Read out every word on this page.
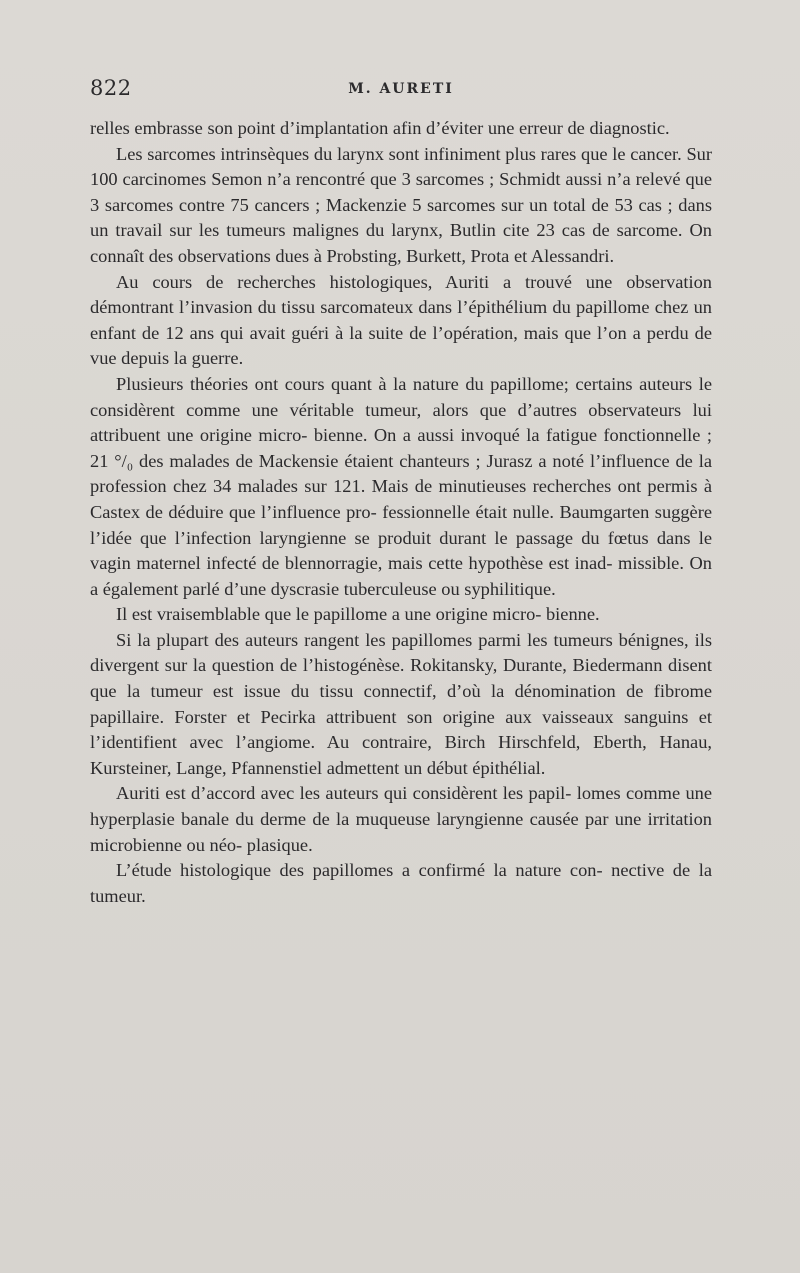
822	M. AURETI

relles embrasse son point d’implantation afin d’éviter une erreur de diagnostic.

Les sarcomes intrinsèques du larynx sont infiniment plus rares que le cancer. Sur 100 carcinomes Semon n’a rencontré que 3 sarcomes ; Schmidt aussi n’a relevé que 3 sarcomes contre 75 cancers ; Mackenzie 5 sarcomes sur un total de 53 cas ; dans un travail sur les tumeurs malignes du larynx, Butlin cite 23 cas de sarcome. On connaît des observations dues à Probsting, Burkett, Prota et Alessandri.

Au cours de recherches histologiques, Auriti a trouvé une observation démontrant l’invasion du tissu sarcomateux dans l’épithélium du papillome chez un enfant de 12 ans qui avait guéri à la suite de l’opération, mais que l’on a perdu de vue depuis la guerre.

Plusieurs théories ont cours quant à la nature du papillome; certains auteurs le considèrent comme une véritable tumeur, alors que d’autres observateurs lui attribuent une origine micro- bienne. On a aussi invoqué la fatigue fonctionnelle ; 21 °/₀ des malades de Mackensie étaient chanteurs ; Jurasz a noté l’influence de la profession chez 34 malades sur 121. Mais de minutieuses recherches ont permis à Castex de déduire que l’influence pro- fessionnelle était nulle. Baumgarten suggère l’idée que l’infection laryngienne se produit durant le passage du fœtus dans le vagin maternel infecté de blennorragie, mais cette hypothèse est inad- missible. On a également parlé d’une dyscrasie tuberculeuse ou syphilitique.

Il est vraisemblable que le papillome a une origine micro- bienne.

Si la plupart des auteurs rangent les papillomes parmi les tumeurs bénignes, ils divergent sur la question de l’histogénèse. Rokitansky, Durante, Biedermann disent que la tumeur est issue du tissu connectif, d’où la dénomination de fibrome papillaire. Forster et Pecirka attribuent son origine aux vaisseaux sanguins et l’identifient avec l’angiome. Au contraire, Birch Hirschfeld, Eberth, Hanau, Kursteiner, Lange, Pfannenstiel admettent un début épithélial.

Auriti est d’accord avec les auteurs qui considèrent les papil- lomes comme une hyperplasie banale du derme de la muqueuse laryngienne causée par une irritation microbienne ou néo- plasique.

L’étude histologique des papillomes a confirmé la nature con- nective de la tumeur.
